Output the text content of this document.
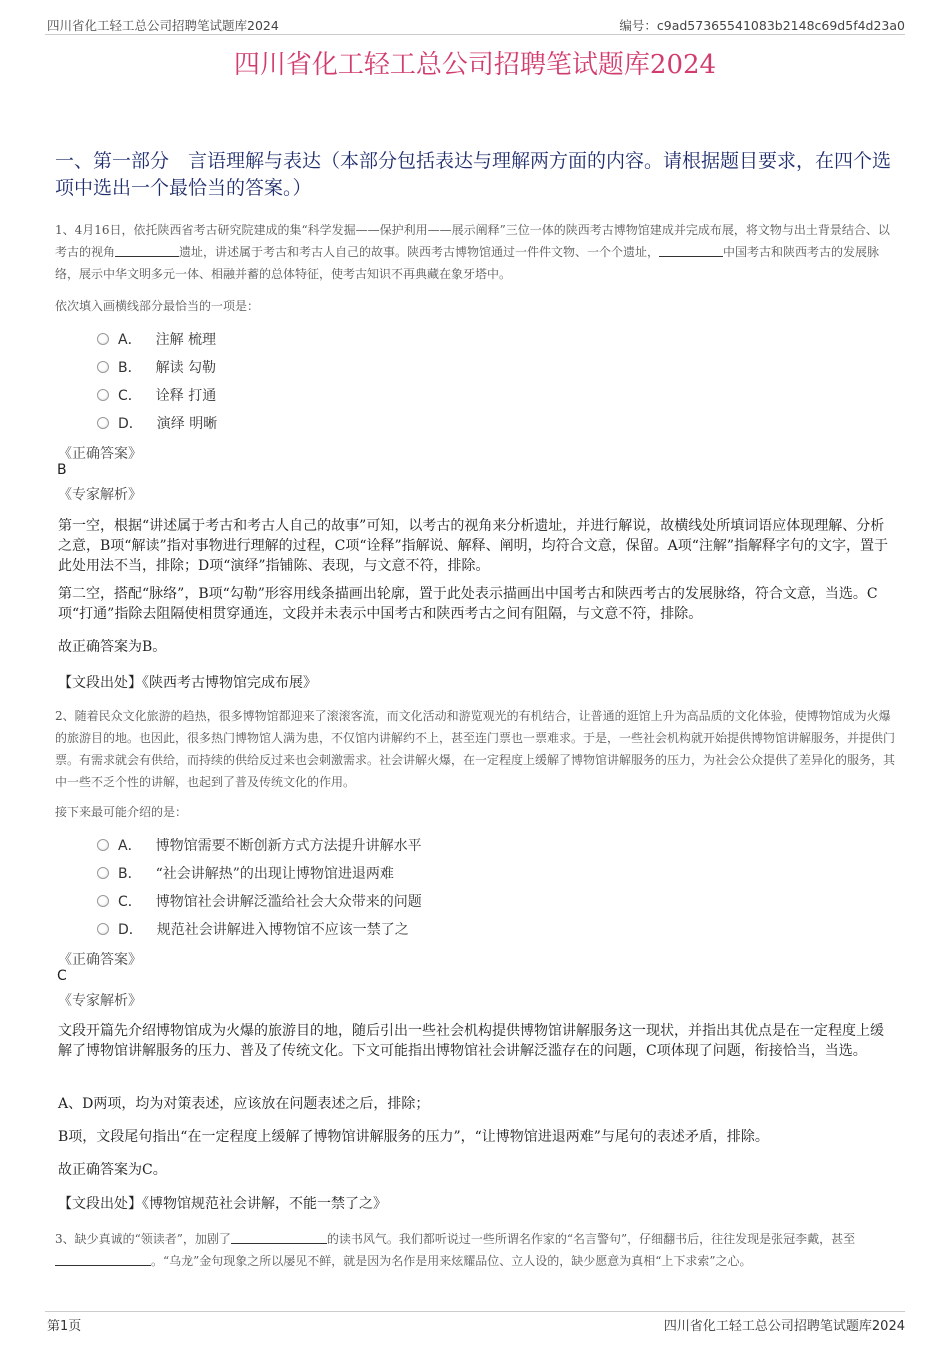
四川省化工轻工总公司招聘笔试题库2024	编号：c9ad57365541083b2148c69d5f4d23a0
四川省化工轻工总公司招聘笔试题库2024
一、第一部分　言语理解与表达（本部分包括表达与理解两方面的内容。请根据题目要求，在四个选项中选出一个最恰当的答案。）
1、4月16日，依托陕西省考古研究院建成的集“科学发掘——保护利用——展示阐释”三位一体的陕西考古博物馆建成并完成布展，将文物与出土背景结合、以考古的视角	遗址，讲述属于考古和考古人自己的故事。陕西考古博物馆通过一件件文物、一个个遗址，	中国考古和陕西考古的发展脉络，展示中华文明多元一体、相融并蓄的总体特征，使考古知识不再典藏在象牙塔中。
依次填入画横线部分最恰当的一项是：
A． 注解 梳理
B． 解读 勾勒
C． 诠释 打通
D． 演绎 明晰
《正确答案》
B
《专家解析》
第一空，根据“讲述属于考古和考古人自己的故事”可知，以考古的视角来分析遗址，并进行解说，故横线处所填词语应体现理解、分析之意，B项“解读”指对事物进行理解的过程，C项“诠释”指解说、解释、阐明，均符合文意，保留。A项“注解”指解释字句的文字，置于此处用法不当，排除；D项“演绎”指铺陈、表现，与文意不符，排除。
第二空，搭配“脉络”，B项“勾勒”形容用线条描画出轮廓，置于此处表示描画出中国考古和陕西考古的发展脉络，符合文意，当选。C项“打通”指除去阻隔使相贯穿通连，文段并未表示中国考古和陕西考古之间有阻隔，与文意不符，排除。
故正确答案为B。
【文段出处】《陕西考古博物馆完成布展》
2、随着民众文化旅游的趋热，很多博物馆都迎来了滚滚客流，而文化活动和游览观光的有机结合，让普通的逛馆上升为高品质的文化体验，使博物馆成为火爆的旅游目的地。也因此，很多热门博物馆人满为患，不仅馆内讲解约不上，甚至连门票也一票难求。于是，一些社会机构就开始提供博物馆讲解服务，并提供门票。有需求就会有供给，而持续的供给反过来也会刺激需求。社会讲解火爆，在一定程度上缓解了博物馆讲解服务的压力，为社会公众提供了差异化的服务，其中一些不乏个性的讲解，也起到了普及传统文化的作用。
接下来最可能介绍的是：
A． 博物馆需要不断创新方式方法提升讲解水平
B． “社会讲解热”的出现让博物馆进退两难
C． 博物馆社会讲解泛滥给社会大众带来的问题
D． 规范社会讲解进入博物馆不应该一禁了之
《正确答案》
C
《专家解析》
文段开篇先介绍博物馆成为火爆的旅游目的地，随后引出一些社会机构提供博物馆讲解服务这一现状，并指出其优点是在一定程度上缓解了博物馆讲解服务的压力、普及了传统文化。下文可能指出博物馆社会讲解泛滥存在的问题，C项体现了问题，衔接恰当，当选。
A、D两项，均为对策表述，应该放在问题表述之后，排除；
B项，文段尾句指出“在一定程度上缓解了博物馆讲解服务的压力”，“让博物馆进退两难”与尾句的表述矛盾，排除。
故正确答案为C。
【文段出处】《博物馆规范社会讲解，不能一禁了之》
3、缺少真诚的“领读者”，加剧了	的读书风气。我们都听说过一些所谓名作家的“名言警句”，仔细翻书后，往往发现是张冠李戴，甚至。“乌龙”金句现象之所以屡见不鲜，就是因为名作是用来炫耀品位、立人设的，缺少愿意为真相“上下求索”之心。
第1页	四川省化工轻工总公司招聘笔试题库2024
